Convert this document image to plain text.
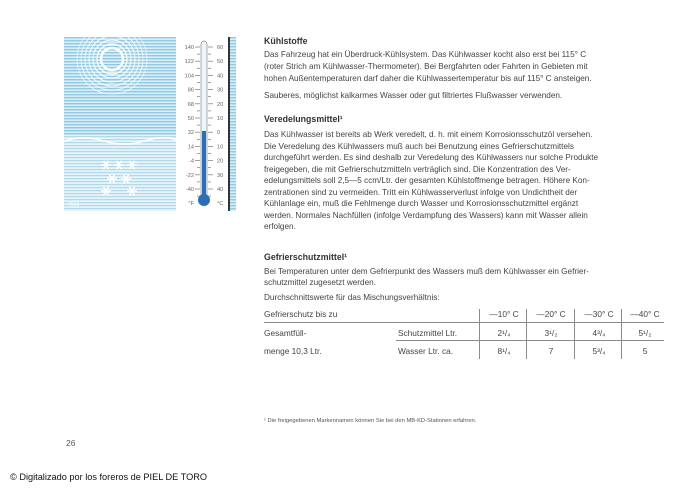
140	60
122	50
104	40
86	30
68	20
50	10
32	0
14	10
-4	20
-22	30
-40	40
°F	°C
7613
Kühlstoffe
Das Fahrzeug hat ein Überdruck-Kühlsystem. Das Kühlwasser kocht also erst bei 115° C
(roter Strich am Kühlwasser-Thermometer). Bei Bergfahrten oder Fahrten in Gebieten mit
hohen Außentemperaturen darf daher die Kühlwassertemperatur bis auf 115° C ansteigen.
Sauberes, möglichst kalkarmes Wasser oder gut filtriertes Flußwasser verwenden.
Veredelungsmittel¹
Das Kühlwasser ist bereits ab Werk veredelt, d. h. mit einem Korrosionsschutzöl versehen.
Die Veredelung des Kühlwassers muß auch bei Benutzung eines Gefrierschutzmittels
durchgeführt werden. Es sind deshalb zur Veredelung des Kühlwassers nur solche Produkte
freigegeben, die mit Gefrierschutzmitteln verträglich sind. Die Konzentration des Ver-
edelungsmittels soll 2,5—5 ccm/Ltr. der gesamten Kühlstoffmenge betragen. Höhere Kon-
zentrationen sind zu vermeiden. Tritt ein Kühlwasserverlust infolge von Undichtheit der
Kühlanlage ein, muß die Fehlmenge durch Wasser und Korrosionsschutzmittel ergänzt
werden. Normales Nachfüllen (infolge Verdampfung des Wassers) kann mit Wasser allein
erfolgen.
Gefrierschutzmittel¹
Bei Temperaturen unter dem Gefrierpunkt des Wassers muß dem Kühlwasser ein Gefrier-
schutzmittel zugesetzt werden.
Durchschnittswerte für das Mischungsverhältnis:
Gefrierschutz bis zu	—10° C	—20° C	—30° C	—40° C
Gesamtfüll-
menge 10,3 Ltr.
Schutzmittel Ltr.	2¹/₄	3¹/₂	4³/₄	5¹/₂
Wasser Ltr. ca.	8¹/₄	7	5³/₄	5
¹ Die freigegebenen Markennamen können Sie bei den MB-KD-Stationen erfahren.
26
© Digitalizado por los foreros de PIEL DE TORO
